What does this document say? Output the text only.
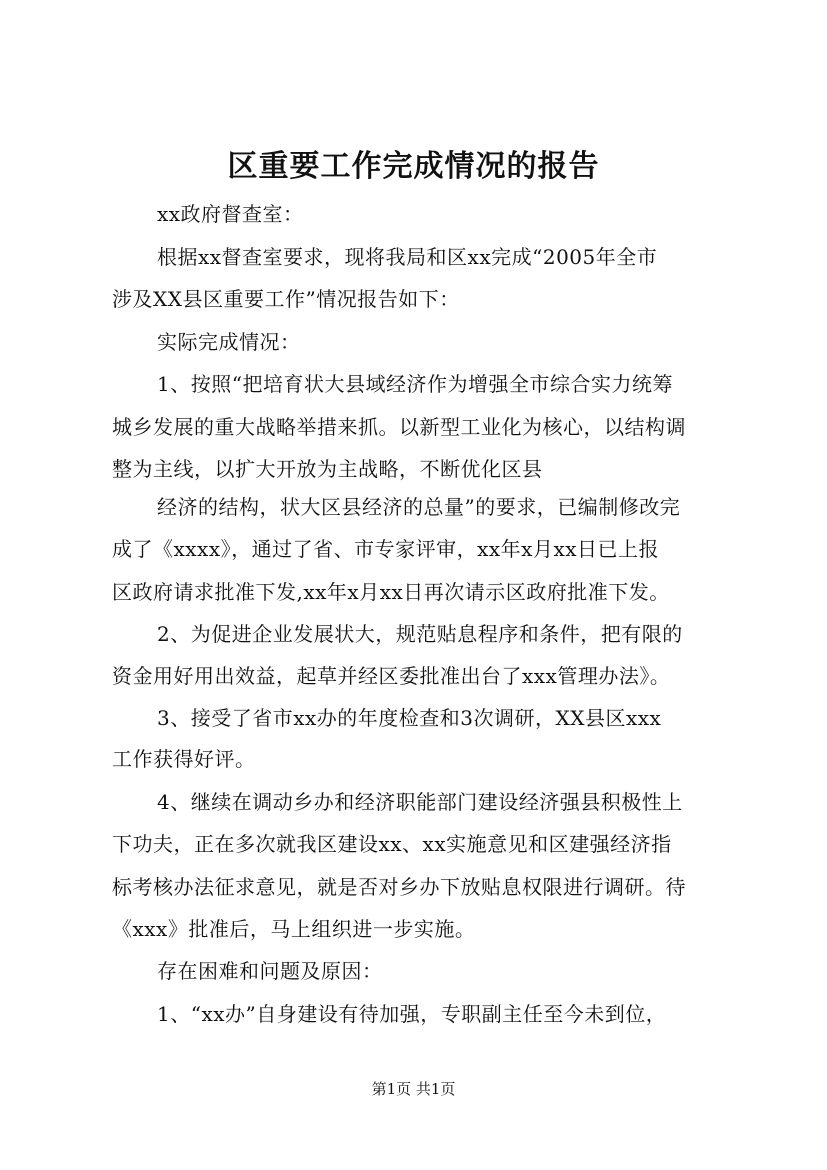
区重要工作完成情况的报告
xx政府督查室：
根据xx督查室要求，现将我局和区xx完成“2005年全市
涉及XX县区重要工作”情况报告如下：
实际完成情况：
1、按照“把培育状大县域经济作为增强全市综合实力统筹
城乡发展的重大战略举措来抓。以新型工业化为核心，以结构调
整为主线，以扩大开放为主战略，不断优化区县
经济的结构，状大区县经济的总量”的要求，已编制修改完
成了《xxxx》，通过了省、市专家评审，xx年x月xx日已上报
区政府请求批准下发,xx年x月xx日再次请示区政府批准下发。
2、为促进企业发展状大，规范贴息程序和条件，把有限的
资金用好用出效益，起草并经区委批准出台了xxx管理办法》。
3、接受了省市xx办的年度检查和3次调研，XX县区xxx
工作获得好评。
4、继续在调动乡办和经济职能部门建设经济强县积极性上
下功夫，正在多次就我区建设xx、xx实施意见和区建强经济指
标考核办法征求意见，就是否对乡办下放贴息权限进行调研。待
《xxx》批准后，马上组织进一步实施。
存在困难和问题及原因：
1、“xx办”自身建设有待加强，专职副主任至今未到位，
第1页 共1页
